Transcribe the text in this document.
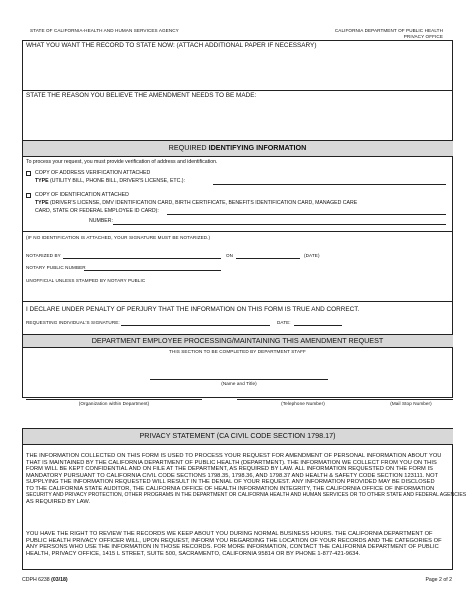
STATE OF CALIFORNIA-HEALTH AND HUMAN SERVICES AGENCY	CALIFORNIA DEPARTMENT OF PUBLIC HEALTH
PRIVACY OFFICE
WHAT YOU WANT THE RECORD TO STATE NOW: (ATTACH ADDITIONAL PAPER IF NECESSARY)
STATE THE REASON YOU BELIEVE THE AMENDMENT NEEDS TO BE MADE:
REQUIRED IDENTIFYING INFORMATION
To process your request, you must provide verification of address and identification.
COPY OF ADDRESS VERIFICATION ATTACHED
TYPE (UTILITY BILL, PHONE BILL, DRIVER'S LICENSE, ETC.):
COPY OF IDENTIFICATION ATTACHED
TYPE (DRIVER'S LICENSE, DMV IDENTIFICATION CARD, BIRTH CERTIFICATE, BENEFITS IDENTIFICATION CARD, MANAGED CARE
CARD, STATE OR FEDERAL EMPLOYEE ID CARD):
NUMBER:
(IF NO IDENTIFICATION IS ATTACHED, YOUR SIGNATURE MUST BE NOTARIZED.)
NOTARIZED BY	ON	(DATE)
NOTARY PUBLIC NUMBER
UNOFFICIAL UNLESS STAMPED BY NOTARY PUBLIC
I DECLARE UNDER PENALTY OF PERJURY THAT THE INFORMATION ON THIS FORM IS TRUE AND CORRECT.
REQUESTING INDIVIDUAL'S SIGNATURE:	DATE:
DEPARTMENT EMPLOYEE PROCESSING/MAINTAINING THIS AMENDMENT REQUEST
THIS SECTION TO BE COMPLETED BY DEPARTMENT STAFF
(Name and Title)
(Organization within Department)	(Telephone Number)	(Mail Stop Number)
PRIVACY STATEMENT (CA CIVIL CODE SECTION 1798.17)
THE INFORMATION COLLECTED ON THIS FORM IS USED TO PROCESS YOUR REQUEST FOR AMENDMENT OF PERSONAL INFORMATION ABOUT YOU
THAT IS MAINTAINED BY THE CALIFORNIA DEPARTMENT OF PUBLIC HEALTH (DEPARTMENT). THE INFORMATION WE COLLECT FROM YOU ON THIS
FORM WILL BE KEPT CONFIDENTIAL AND ON FILE AT THE DEPARTMENT, AS REQUIRED BY LAW. ALL INFORMATION REQUESTED ON THE FORM IS
MANDATORY PURSUANT TO CALIFORNIA CIVIL CODE SECTIONS 1798.35, 1798.36, AND 1798.37 AND HEALTH & SAFETY CODE SECTION 123111. NOT
SUPPLYING THE INFORMATION REQUESTED WILL RESULT IN THE DENIAL OF YOUR REQUEST. ANY INFORMATION PROVIDED MAY BE DISCLOSED
TO THE CALIFORNIA STATE AUDITOR, THE CALIFORNIA OFFICE OF HEALTH INFORMATION INTEGRITY, THE CALIFORNIA OFFICE OF INFORMATION
SECURITY AND PRIVACY PROTECTION, OTHER PROGRAMS IN THE DEPARTMENT OR CALIFORNIA HEALTH AND HUMAN SERVICES OR TO OTHER STATE AND FEDERAL AGENCIES
AS REQUIRED BY LAW.
YOU HAVE THE RIGHT TO REVIEW THE RECORDS WE KEEP ABOUT YOU DURING NORMAL BUSINESS HOURS. THE CALIFORNIA DEPARTMENT OF
PUBLIC HEALTH PRIVACY OFFICER WILL, UPON REQUEST, INFORM YOU REGARDING THE LOCATION OF YOUR RECORDS AND THE CATEGORIES OF
ANY PERSONS WHO USE THE INFORMATION IN THOSE RECORDS. FOR MORE INFORMATION, CONTACT THE CALIFORNIA DEPARTMENT OF PUBLIC
HEALTH, PRIVACY OFFICE, 1415 L STREET, SUITE 500, SACRAMENTO, CALIFORNIA 95814 OR BY PHONE 1-877-421-9634.
CDPH 6238 (03/18)	Page 2 of 2
